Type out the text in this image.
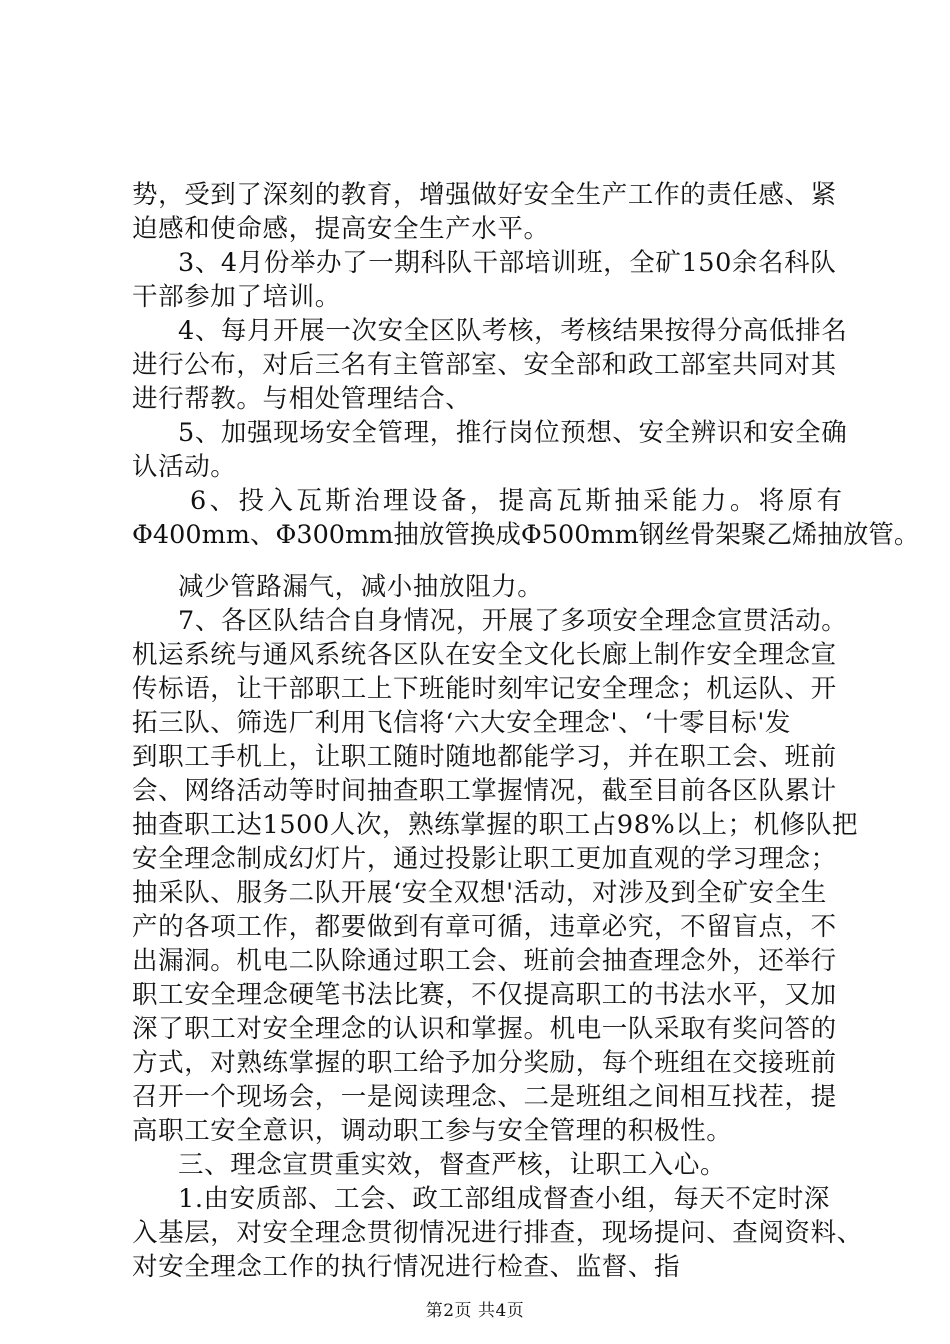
势，受到了深刻的教育，增强做好安全生产工作的责任感、紧
迫感和使命感，提高安全生产水平。
3、4月份举办了一期科队干部培训班，全矿150余名科队
干部参加了培训。
4、每月开展一次安全区队考核，考核结果按得分高低排名
进行公布，对后三名有主管部室、安全部和政工部室共同对其
进行帮教。与相处管理结合、
5、加强现场安全管理，推行岗位预想、安全辨识和安全确
认活动。
6、投入瓦斯治理设备，提高瓦斯抽采能力。将原有
Φ400mm、Φ300mm抽放管换成Φ500mm钢丝骨架聚乙烯抽放管。
减少管路漏气，减小抽放阻力。
7、各区队结合自身情况，开展了多项安全理念宣贯活动。
机运系统与通风系统各区队在安全文化长廊上制作安全理念宣
传标语，让干部职工上下班能时刻牢记安全理念；机运队、开
拓三队、筛选厂利用飞信将‘六大安全理念'、‘十零目标'发
到职工手机上，让职工随时随地都能学习，并在职工会、班前
会、网络活动等时间抽查职工掌握情况，截至目前各区队累计
抽查职工达1500人次，熟练掌握的职工占98%以上；机修队把
安全理念制成幻灯片，通过投影让职工更加直观的学习理念；
抽采队、服务二队开展‘安全双想'活动，对涉及到全矿安全生
产的各项工作，都要做到有章可循，违章必究，不留盲点，不
出漏洞。机电二队除通过职工会、班前会抽查理念外，还举行
职工安全理念硬笔书法比赛，不仅提高职工的书法水平，又加
深了职工对安全理念的认识和掌握。机电一队采取有奖问答的
方式，对熟练掌握的职工给予加分奖励，每个班组在交接班前
召开一个现场会，一是阅读理念、二是班组之间相互找茬，提
高职工安全意识，调动职工参与安全管理的积极性。
三、理念宣贯重实效，督查严核，让职工入心。
1.由安质部、工会、政工部组成督查小组，每天不定时深
入基层，对安全理念贯彻情况进行排查，现场提问、查阅资料、
对安全理念工作的执行情况进行检查、监督、指
第2页 共4页
